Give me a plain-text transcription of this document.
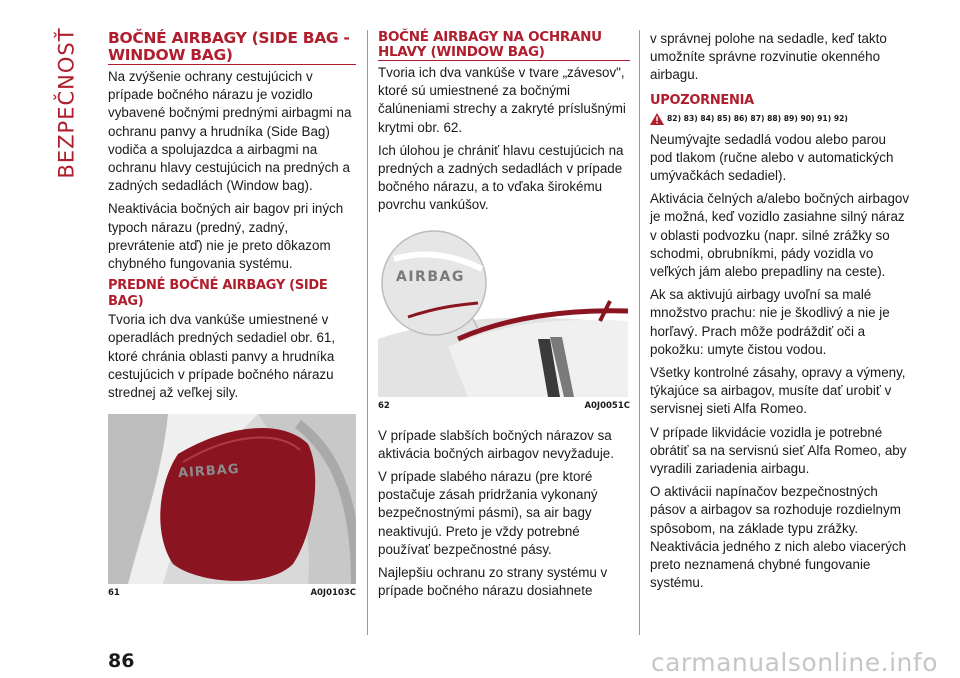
BEZPEČNOSŤ BOČNÉ AIRBAGY (SIDE BAG - WINDOW BAG)

Na zvýšenie ochrany cestujúcich v prípade bočného nárazu je vozidlo vybavené bočnými prednými airbagmi na ochranu panvy a hrudníka (Side Bag) vodiča a spolujazdca a airbagmi na ochranu hlavy cestujúcich na predných a zadných sedadlách (Window bag).

Neaktivácia bočných air bagov pri iných typoch nárazu (predný, zadný, prevrátenie atď) nie je preto dôkazom chybného fungovania systému.

PREDNÉ BOČNÉ AIRBAGY (SIDE BAG)

Tvoria ich dva vankúše umiestnené v operadlách predných sedadiel obr. 61, ktoré chránia oblasti panvy a hrudníka cestujúcich v prípade bočného nárazu strednej až veľkej sily.

AIRBAG
61	A0J0103C
BOČNÉ AIRBAGY NA OCHRANU HLAVY (WINDOW BAG)

Tvoria ich dva vankúše v tvare „závesov", ktoré sú umiestnené za bočnými čalúneniami strechy a zakryté príslušnými krytmi obr. 62.

Ich úlohou je chrániť hlavu cestujúcich na predných a zadných sedadlách v prípade bočného nárazu, a to vďaka širokému povrchu vankúšov.

AIRBAG
62	A0J0051C

V prípade slabších bočných nárazov sa aktivácia bočných airbagov nevyžaduje.

V prípade slabého nárazu (pre ktoré postačuje zásah pridržania vykonaný bezpečnostnými pásmi), sa air bagy neaktivujú. Preto je vždy potrebné používať bezpečnostné pásy.

Najlepšiu ochranu zo strany systému v prípade bočného nárazu dosiahnete

v správnej polohe na sedadle, keď takto umožníte správne rozvinutie okenného airbagu.

UPOZORNENIA
82) 83) 84) 85) 86) 87) 88) 89) 90) 91) 92)

Neumývajte sedadlá vodou alebo parou pod tlakom (ručne alebo v automatických umývačkách sedadiel).

Aktivácia čelných a/alebo bočných airbagov je možná, keď vozidlo zasiahne silný náraz v oblasti podvozku (napr. silné zrážky so schodmi, obrubníkmi, pády vozidla vo veľkých jám alebo prepadliny na ceste).

Ak sa aktivujú airbagy uvoľní sa malé množstvo prachu: nie je škodlivý a nie je horľavý. Prach môže podráždiť oči a pokožku: umyte čistou vodou.

Všetky kontrolné zásahy, opravy a výmeny, týkajúce sa airbagov, musíte dať urobiť v servisnej sieti Alfa Romeo.

V prípade likvidácie vozidla je potrebné obrátiť sa na servisnú sieť Alfa Romeo, aby vyradili zariadenia airbagu.

O aktivácii napínačov bezpečnostných pásov a airbagov sa rozhoduje rozdielnym spôsobom, na základe typu zrážky. Neaktivácia jedného z nich alebo viacerých preto neznamená chybné fungovanie systému.

86	carmanualsonline.info
